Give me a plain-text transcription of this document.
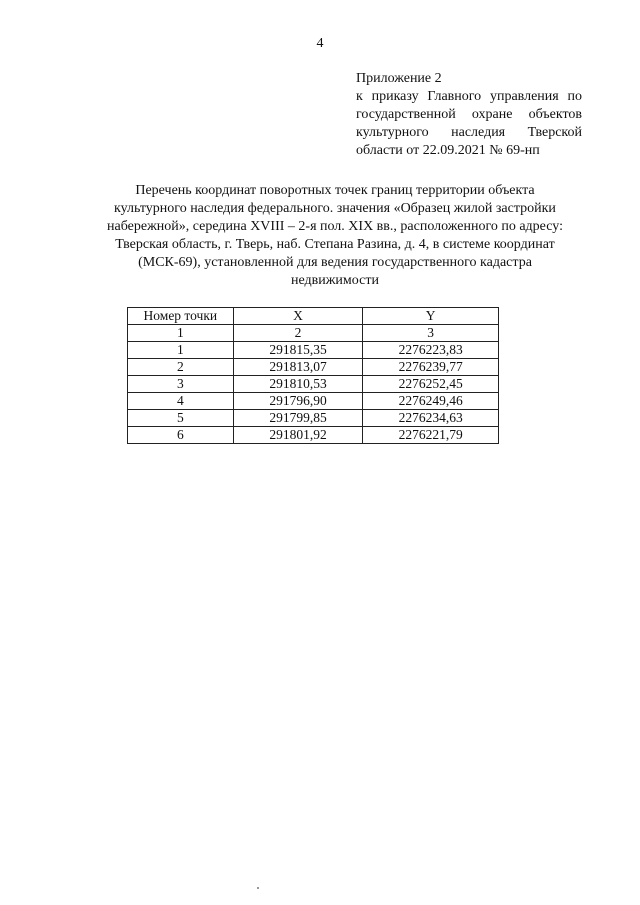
4
Приложение 2
к приказу Главного управления по
государственной охране объектов
культурного наследия Тверской
области от 22.09.2021 № 69-нп
Перечень координат поворотных точек границ территории объекта
культурного наследия федерального. значения «Образец жилой застройки
набережной», середина XVIII – 2-я пол. XIX вв., расположенного по адресу:
Тверская область, г. Тверь, наб. Степана Разина, д. 4, в системе координат
(МСК-69), установленной для ведения государственного кадастра
недвижимости
Номер точки	X	Y
1	2	3
1	291815,35	2276223,83
2	291813,07	2276239,77
3	291810,53	2276252,45
4	291796,90	2276249,46
5	291799,85	2276234,63
6	291801,92	2276221,79
